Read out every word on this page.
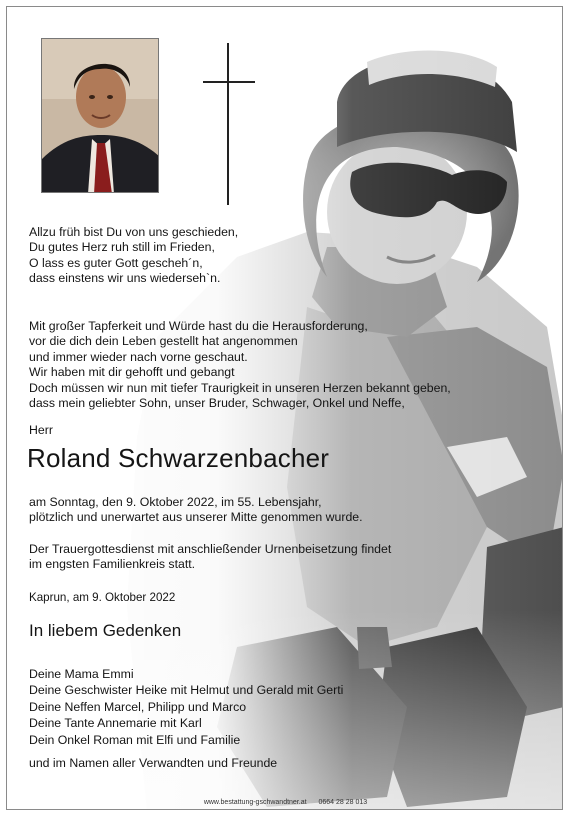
Allzu früh bist Du von uns geschieden,
Du gutes Herz ruh still im Frieden,
O lass es guter Gott gescheh´n,
dass einstens wir uns wiederseh`n.
Mit großer Tapferkeit und Würde hast du die Herausforderung,
vor die dich dein Leben gestellt hat angenommen
und immer wieder nach vorne geschaut.
Wir haben mit dir gehofft und gebangt
Doch müssen wir nun mit tiefer Traurigkeit in unseren Herzen bekannt geben,
dass mein geliebter Sohn, unser Bruder, Schwager, Onkel und Neffe,
Herr
Roland Schwarzenbacher
am Sonntag, den 9. Oktober 2022, im 55. Lebensjahr,
plötzlich und unerwartet aus unserer Mitte genommen wurde.
Der Trauergottesdienst mit anschließender Urnenbeisetzung findet
im engsten Familienkreis statt.
Kaprun, am 9. Oktober 2022
In liebem Gedenken
Deine Mama Emmi
Deine Geschwister Heike mit Helmut und Gerald mit Gerti
Deine Neffen Marcel, Philipp und Marco
Deine Tante Annemarie mit Karl
Dein Onkel Roman mit Elfi und Familie
und im Namen aller Verwandten und Freunde
www.bestattung-gschwandtner.at 0664 28 28 013
